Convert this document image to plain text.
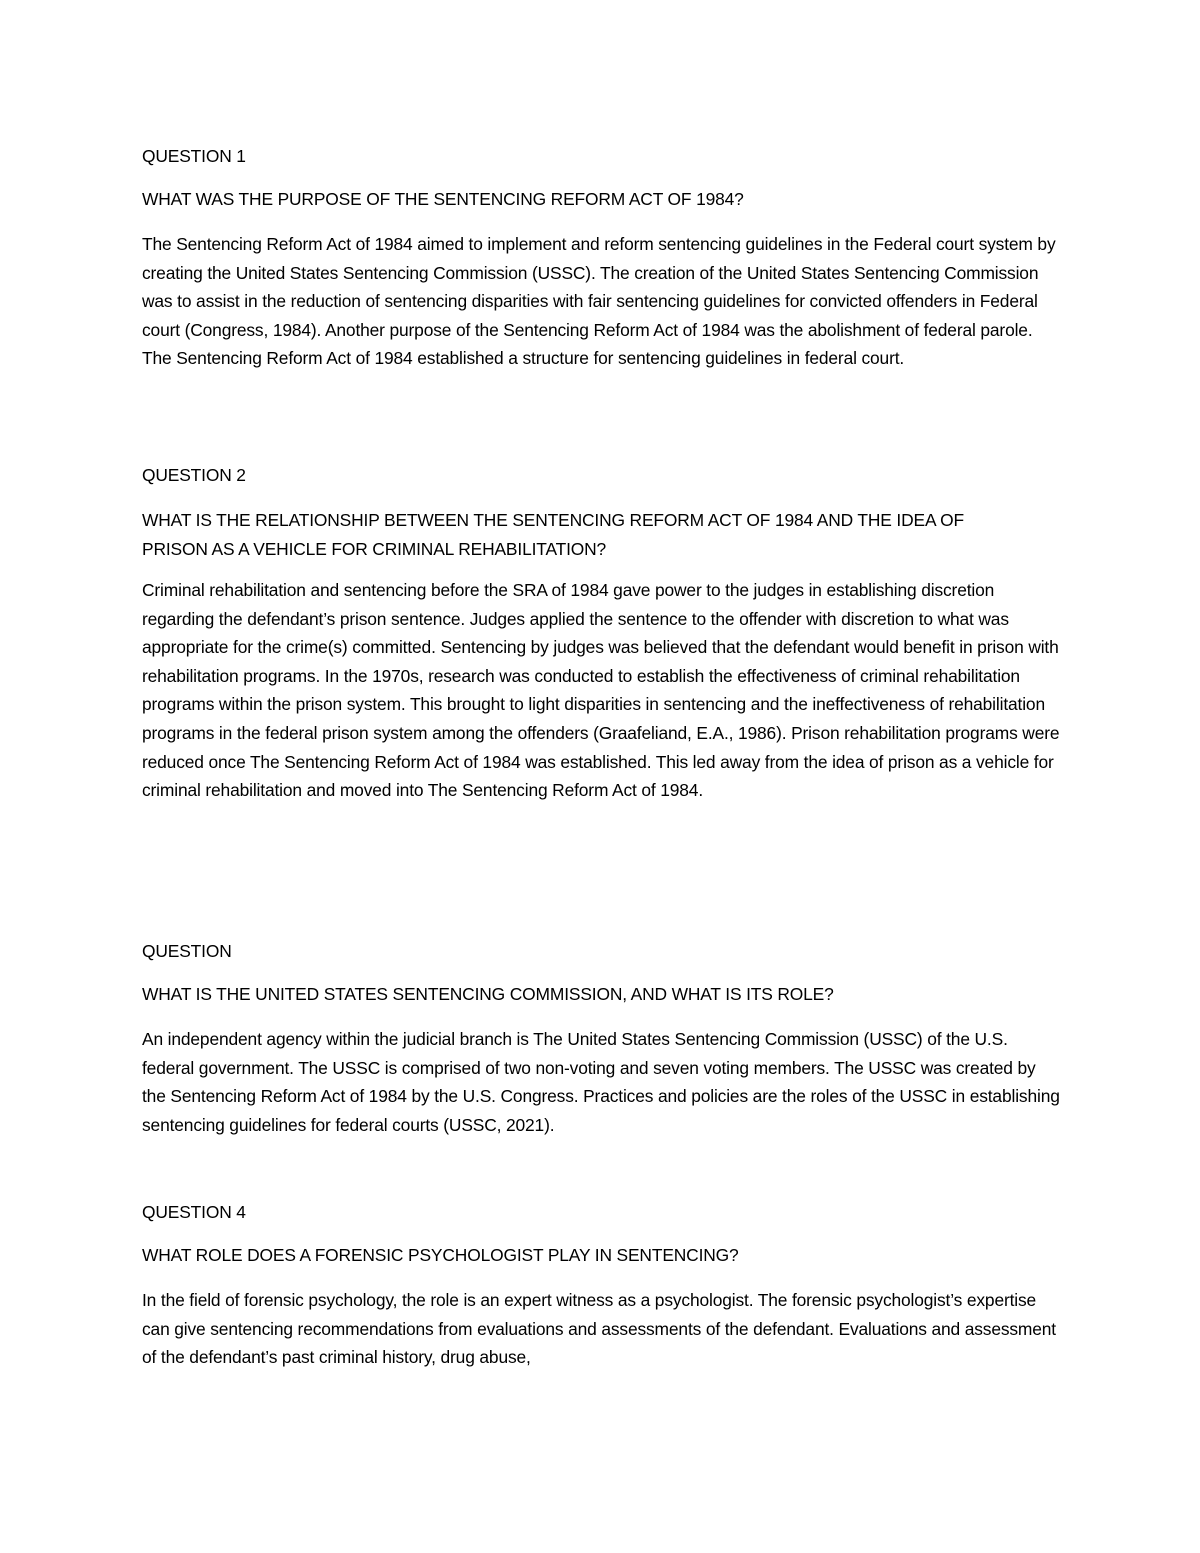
QUESTION 1

WHAT WAS THE PURPOSE OF THE SENTENCING REFORM ACT OF 1984?

The Sentencing Reform Act of 1984 aimed to implement and reform sentencing guidelines in the Federal court system by creating the United States Sentencing Commission (USSC). The creation of the United States Sentencing Commission was to assist in the reduction of sentencing disparities with fair sentencing guidelines for convicted offenders in Federal court (Congress, 1984). Another purpose of the Sentencing Reform Act of 1984 was the abolishment of federal parole. The Sentencing Reform Act of 1984 established a structure for sentencing guidelines in federal court.

QUESTION 2

WHAT IS THE RELATIONSHIP BETWEEN THE SENTENCING REFORM ACT OF 1984 AND THE IDEA OF PRISON AS A VEHICLE FOR CRIMINAL REHABILITATION?

Criminal rehabilitation and sentencing before the SRA of 1984 gave power to the judges in establishing discretion regarding the defendant’s prison sentence. Judges applied the sentence to the offender with discretion to what was appropriate for the crime(s) committed. Sentencing by judges was believed that the defendant would benefit in prison with rehabilitation programs. In the 1970s, research was conducted to establish the effectiveness of criminal rehabilitation programs within the prison system. This brought to light disparities in sentencing and the ineffectiveness of rehabilitation programs in the federal prison system among the offenders (Graafeliand, E.A., 1986). Prison rehabilitation programs were reduced once The Sentencing Reform Act of 1984 was established. This led away from the idea of prison as a vehicle for criminal rehabilitation and moved into The Sentencing Reform Act of 1984.

QUESTION

WHAT IS THE UNITED STATES SENTENCING COMMISSION, AND WHAT IS ITS ROLE?

An independent agency within the judicial branch is The United States Sentencing Commission (USSC) of the U.S. federal government. The USSC is comprised of two non-voting and seven voting members. The USSC was created by the Sentencing Reform Act of 1984 by the U.S. Congress. Practices and policies are the roles of the USSC in establishing sentencing guidelines for federal courts (USSC, 2021).

QUESTION 4

WHAT ROLE DOES A FORENSIC PSYCHOLOGIST PLAY IN SENTENCING?

In the field of forensic psychology, the role is an expert witness as a psychologist. The forensic psychologist’s expertise can give sentencing recommendations from evaluations and assessments of the defendant. Evaluations and assessment of the defendant’s past criminal history, drug abuse,
